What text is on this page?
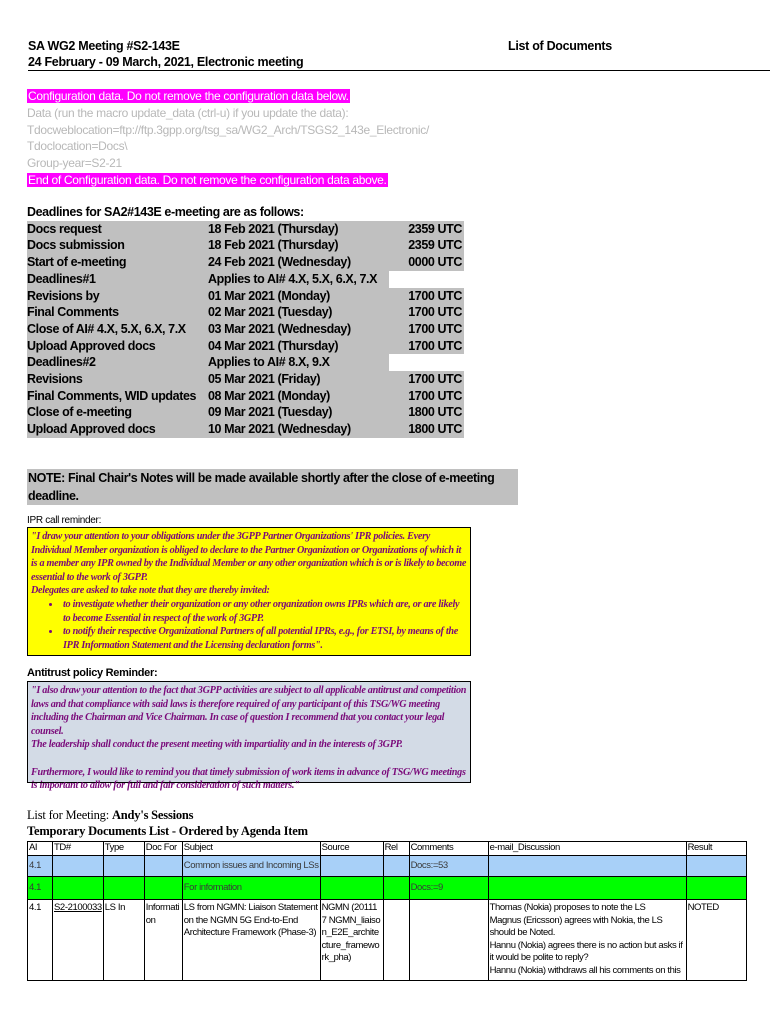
SA WG2 Meeting #S2-143E
24 February - 09 March, 2021, Electronic meeting
List of Documents
Configuration data. Do not remove the configuration data below.
Data (run the macro update_data (ctrl-u) if you update the data):
Tdocweblocation=ftp://ftp.3gpp.org/tsg_sa/WG2_Arch/TSGS2_143e_Electronic/
Tdoclocation=Docs\
Group-year=S2-21
End of Configuration data. Do not remove the configuration data above.
Deadlines for SA2#143E e-meeting are as follows:
Docs request	18 Feb 2021 (Thursday)	2359 UTC
Docs submission	18 Feb 2021 (Thursday)	2359 UTC
Start of e-meeting	24 Feb 2021 (Wednesday)	0000 UTC
Deadlines#1	Applies to AI# 4.X, 5.X, 6.X, 7.X	
Revisions by	01 Mar 2021 (Monday)	1700 UTC
Final Comments	02 Mar 2021 (Tuesday)	1700 UTC
Close of AI# 4.X, 5.X, 6.X, 7.X	03 Mar 2021 (Wednesday)	1700 UTC
Upload Approved docs	04 Mar 2021 (Thursday)	1700 UTC
Deadlines#2	Applies to AI# 8.X, 9.X	
Revisions	05 Mar 2021 (Friday)	1700 UTC
Final Comments, WID updates	08 Mar 2021 (Monday)	1700 UTC
Close of e-meeting	09 Mar 2021 (Tuesday)	1800 UTC
Upload Approved docs	10 Mar 2021 (Wednesday)	1800 UTC
NOTE: Final Chair's Notes will be made available shortly after the close of e-meeting deadline.
IPR call reminder:
"I draw your attention to your obligations under the 3GPP Partner Organizations' IPR policies. Every Individual Member organization is obliged to declare to the Partner Organization or Organizations of which it is a member any IPR owned by the Individual Member or any other organization which is or is likely to become essential to the work of 3GPP.
Delegates are asked to take note that they are thereby invited:
• to investigate whether their organization or any other organization owns IPRs which are, or are likely to become Essential in respect of the work of 3GPP.
• to notify their respective Organizational Partners of all potential IPRs, e.g., for ETSI, by means of the IPR Information Statement and the Licensing declaration forms".
Antitrust policy Reminder:

"I also draw your attention to the fact that 3GPP activities are subject to all applicable antitrust and competition laws and that compliance with said laws is therefore required of any participant of this TSG/WG meeting including the Chairman and Vice Chairman. In case of question I recommend that you contact your legal counsel.

The leadership shall conduct the present meeting with impartiality and in the interests of 3GPP.

Furthermore, I would like to remind you that timely submission of work items in advance of TSG/WG meetings is important to allow for full and fair consideration of such matters."

List for Meeting: Andy's Sessions
Temporary Documents List - Ordered by Agenda Item
AI	TD#	Type	Doc For	Subject	Source	Rel	Comments	e-mail_Discussion	Result
4.1				Common issues and Incoming LSs			Docs:=53		
4.1				For information			Docs:=9		
4.1	S2-2100033	LS In	Information	LS from NGMN: Liaison Statement on the NGMN 5G End-to-End Architecture Framework (Phase-3)	NGMN (201117 NGMN_liaison_E2E_architecture_framework_pha)			Thomas (Nokia) proposes to note the LS
Magnus (Ericsson) agrees with Nokia, the LS should be Noted.
Hannu (Nokia) agrees there is no action but asks if it would be polite to reply?
Hannu (Nokia) withdraws all his comments on this	NOTED
